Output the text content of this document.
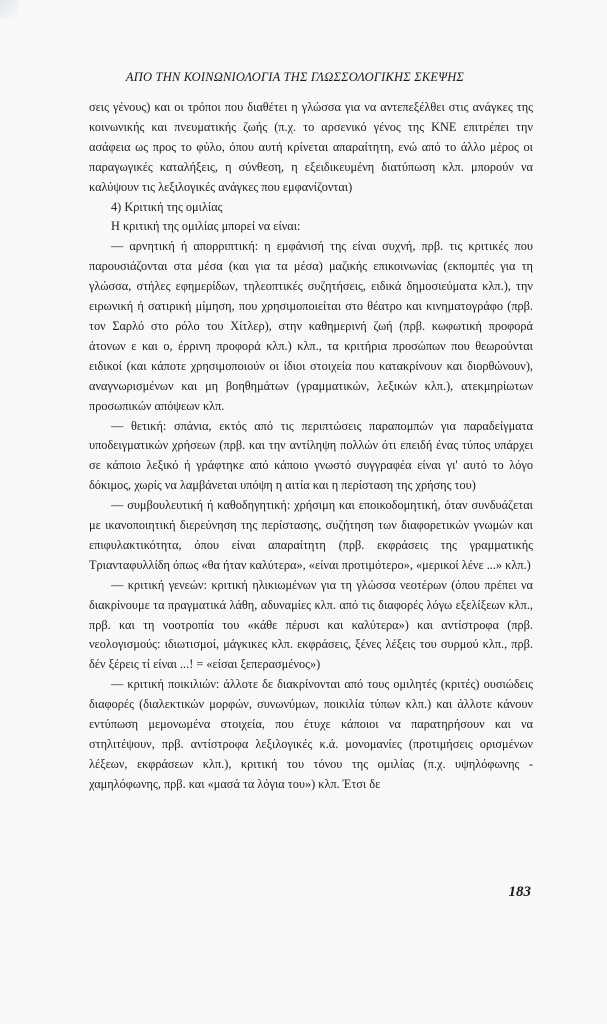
ΑΠΟ ΤΗΝ ΚΟΙΝΩΝΙΟΛΟΓΙΑ ΤΗΣ ΓΛΩΣΣΟΛΟΓΙΚΗΣ ΣΚΕΨΗΣ

σεις γένους) και οι τρόποι που διαθέτει η γλώσσα για να αντεπεξέλθει στις ανάγκες της κοινωνικής και πνευματικής ζωής (π.χ. το αρσενικό γένος της ΚΝΕ επιτρέπει την ασάφεια ως προς το φύλο, όπου αυτή κρίνεται απαραίτητη, ενώ από το άλλο μέρος οι παραγωγικές καταλήξεις, η σύνθεση, η εξειδικευμένη διατύπωση κλπ. μπορούν να καλύψουν τις λεξιλογικές ανάγκες που εμφανίζονται)

4) Κριτική της ομιλίας

Η κριτική της ομιλίας μπορεί να είναι:

— αρνητική ή απορριπτική: η εμφάνισή της είναι συχνή, πρβ. τις κριτικές που παρουσιάζονται στα μέσα (και για τα μέσα) μαζικής επικοινωνίας (εκπομπές για τη γλώσσα, στήλες εφημερίδων, τηλεοπτικές συζητήσεις, ειδικά δημοσιεύματα κλπ.), την ειρωνική ή σατιρική μίμηση, που χρησιμοποιείται στο θέατρο και κινηματογράφο (πρβ. τον Σαρλό στο ρόλο του Χίτλερ), στην καθημερινή ζωή (πρβ. κωφωτική προφορά άτονων ε και ο, έρρινη προφορά κλπ.) κλπ., τα κριτήρια προσώπων που θεωρούνται ειδικοί (και κάποτε χρησιμοποιούν οι ίδιοι στοιχεία που κατακρίνουν και διορθώνουν), αναγνωρισμένων και μη βοηθημάτων (γραμματικών, λεξικών κλπ.), ατεκμηρίωτων προσωπικών απόψεων κλπ.

— θετική: σπάνια, εκτός από τις περιπτώσεις παραπομπών για παραδείγματα υποδειγματικών χρήσεων (πρβ. και την αντίληψη πολλών ότι επειδή ένας τύπος υπάρχει σε κάποιο λεξικό ή γράφτηκε από κάποιο γνωστό συγγραφέα είναι γι' αυτό το λόγο δόκιμος, χωρίς να λαμβάνεται υπόψη η αιτία και η περίσταση της χρήσης του)

— συμβουλευτική ή καθοδηγητική: χρήσιμη και εποικοδομητική, όταν συνδυάζεται με ικανοποιητική διερεύνηση της περίστασης, συζήτηση των διαφορετικών γνωμών και επιφυλακτικότητα, όπου είναι απαραίτητη (πρβ. εκφράσεις της γραμματικής Τριανταφυλλίδη όπως «θα ήταν καλύτερα», «είναι προτιμότερο», «μερικοί λένε ...» κλπ.)

— κριτική γενεών: κριτική ηλικιωμένων για τη γλώσσα νεοτέρων (όπου πρέπει να διακρίνουμε τα πραγματικά λάθη, αδυναμίες κλπ. από τις διαφορές λόγω εξελίξεων κλπ., πρβ. και τη νοοτροπία του «κάθε πέρυσι και καλύτερα») και αντίστροφα (πρβ. νεολογισμούς: ιδιωτισμοί, μάγκικες κλπ. εκφράσεις, ξένες λέξεις του συρμού κλπ., πρβ. δέν ξέρεις τί είναι ...! = «είσαι ξεπερασμένος»)

— κριτική ποικιλιών: άλλοτε δε διακρίνονται από τους ομιλητές (κριτές) ουσιώδεις διαφορές (διαλεκτικών μορφών, συνωνύμων, ποικιλία τύπων κλπ.) και άλλοτε κάνουν εντύπωση μεμονωμένα στοιχεία, που έτυχε κάποιοι να παρατηρήσουν και να στηλιτέψουν, πρβ. αντίστροφα λεξιλογικές κ.ά. μονομανίες (προτιμήσεις ορισμένων λέξεων, εκφράσεων κλπ.), κριτική του τόνου της ομιλίας (π.χ. υψηλόφωνης - χαμηλόφωνης, πρβ. και «μασά τα λόγια του») κλπ. Έτσι δε

183
